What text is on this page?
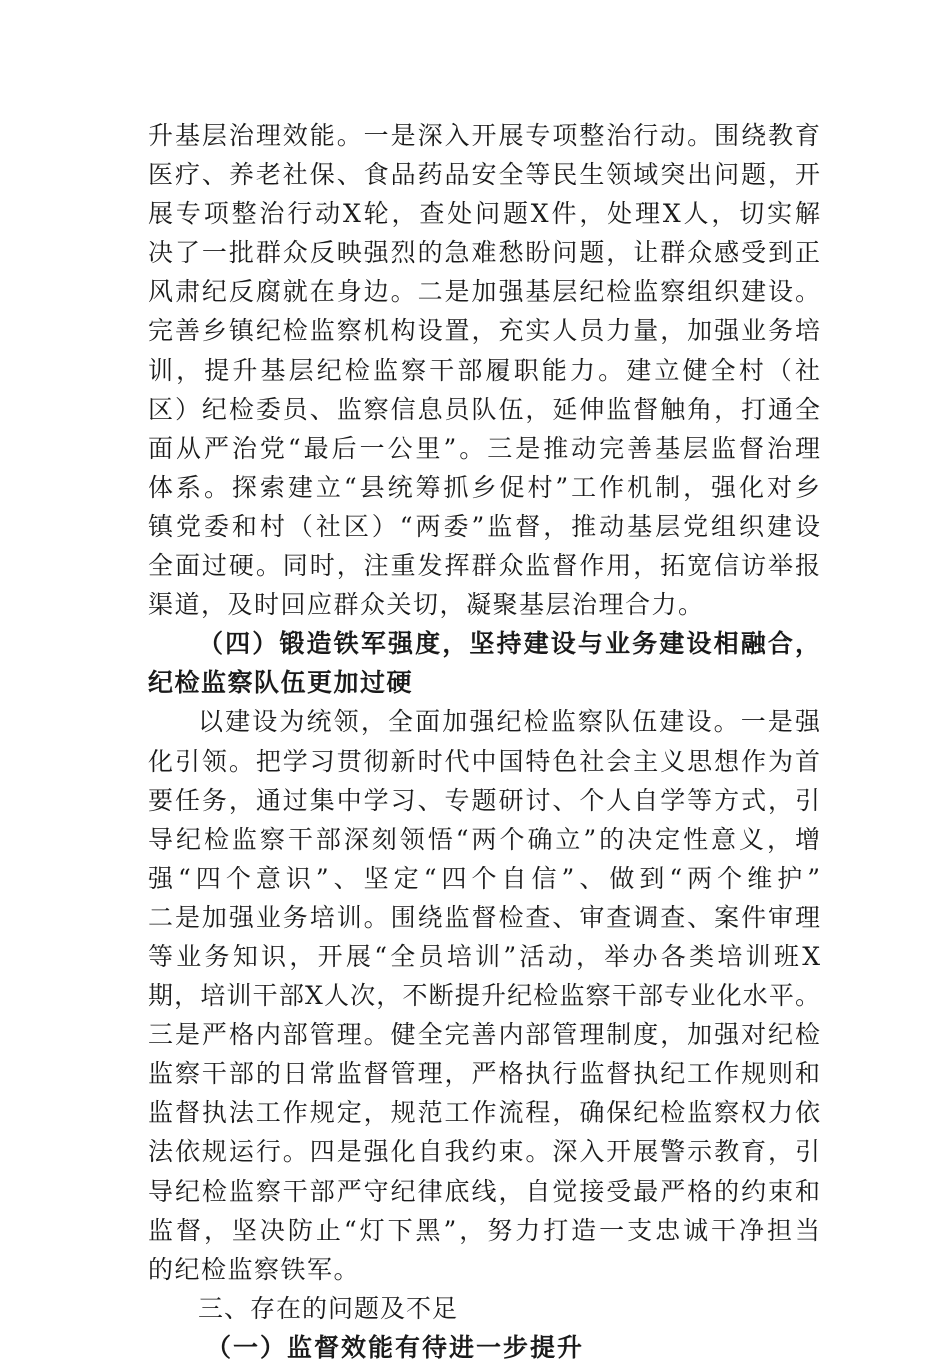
升基层治理效能。一是深入开展专项整治行动。围绕教育
医疗、养老社保、食品药品安全等民生领域突出问题，开
展专项整治行动X轮，查处问题X件，处理X人，切实解
决了一批群众反映强烈的急难愁盼问题，让群众感受到正
风肃纪反腐就在身边。二是加强基层纪检监察组织建设。
完善乡镇纪检监察机构设置，充实人员力量，加强业务培
训，提升基层纪检监察干部履职能力。建立健全村（社
区）纪检委员、监察信息员队伍，延伸监督触角，打通全
面从严治党“最后一公里”。三是推动完善基层监督治理
体系。探索建立“县统筹抓乡促村”工作机制，强化对乡
镇党委和村（社区）“两委”监督，推动基层党组织建设
全面过硬。同时，注重发挥群众监督作用，拓宽信访举报
渠道，及时回应群众关切，凝聚基层治理合力。
（四）锻造铁军强度，坚持建设与业务建设相融合，
纪检监察队伍更加过硬
以建设为统领，全面加强纪检监察队伍建设。一是强
化引领。把学习贯彻新时代中国特色社会主义思想作为首
要任务，通过集中学习、专题研讨、个人自学等方式，引
导纪检监察干部深刻领悟“两个确立”的决定性意义，增
强“四个意识”、坚定“四个自信”、做到“两个维护”
二是加强业务培训。围绕监督检查、审查调查、案件审理
等业务知识，开展“全员培训”活动，举办各类培训班X
期，培训干部X人次，不断提升纪检监察干部专业化水平。
三是严格内部管理。健全完善内部管理制度，加强对纪检
监察干部的日常监督管理，严格执行监督执纪工作规则和
监督执法工作规定，规范工作流程，确保纪检监察权力依
法依规运行。四是强化自我约束。深入开展警示教育，引
导纪检监察干部严守纪律底线，自觉接受最严格的约束和
监督，坚决防止“灯下黑”，努力打造一支忠诚干净担当
的纪检监察铁军。
三、存在的问题及不足
（一）监督效能有待进一步提升
